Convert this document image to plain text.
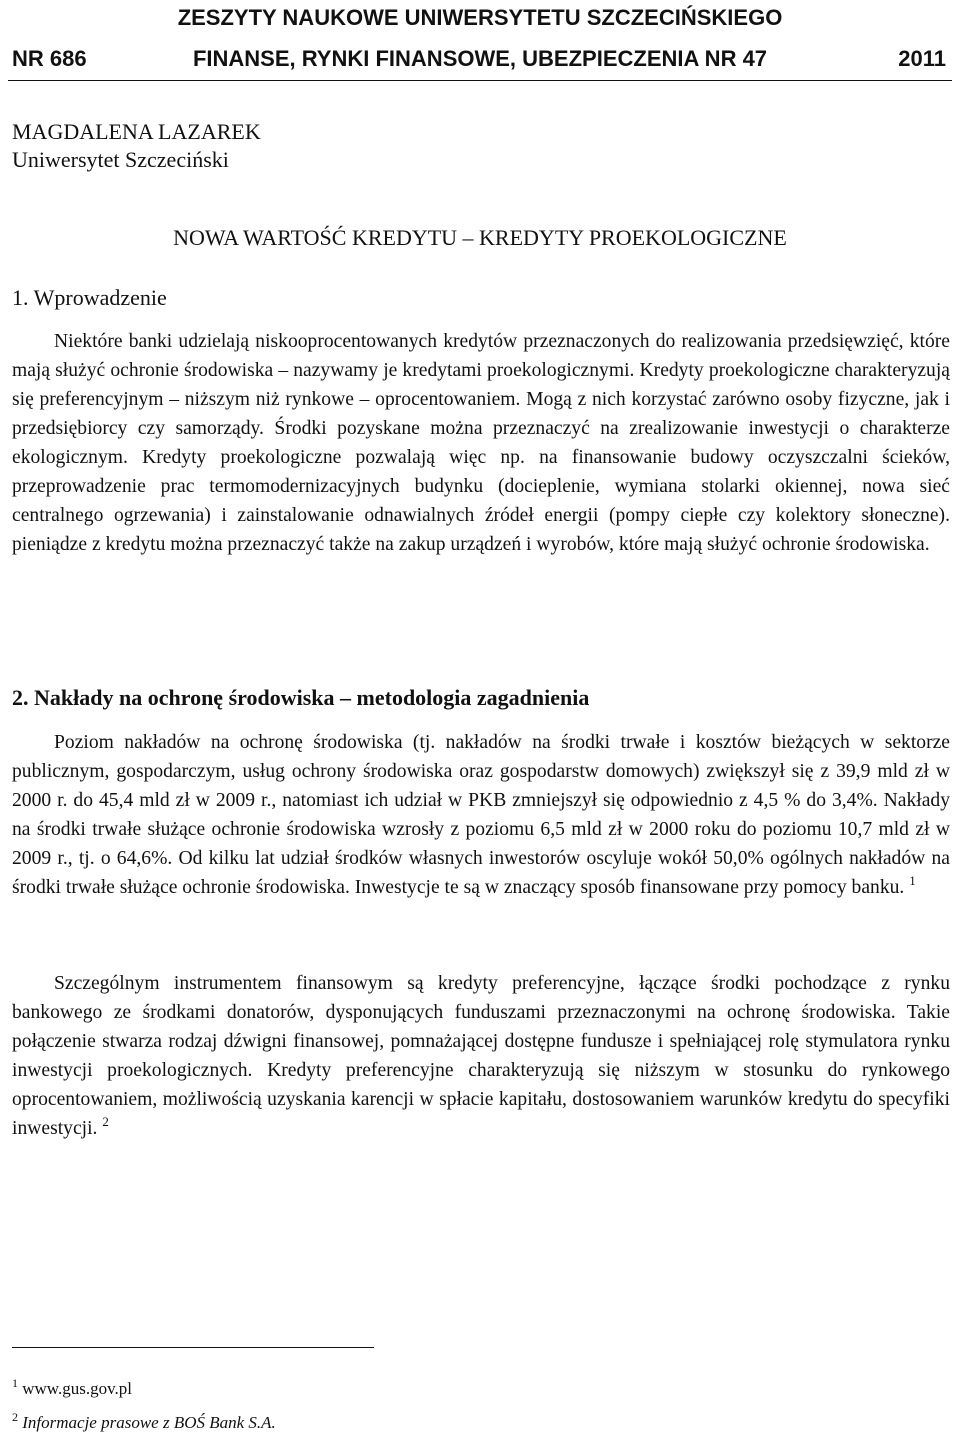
ZESZYTY NAUKOWE UNIWERSYTETU SZCZECIŃSKIEGO
FINANSE, RYNKI FINANSOWE, UBEZPIECZENIA NR 47
NR 686	2011
MAGDALENA LAZAREK
Uniwersytet Szczeciński
NOWA WARTOŚĆ KREDYTU – KREDYTY PROEKOLOGICZNE
1. Wprowadzenie

Niektóre banki udzielają niskooprocentowanych kredytów przeznaczonych do realizowania przedsięwzięć, które mają służyć ochronie środowiska – nazywamy je kredytami proekologicznymi. Kredyty proekologiczne charakteryzują się preferencyjnym – niższym niż rynkowe – oprocentowaniem. Mogą z nich korzystać zarówno osoby fizyczne, jak i przedsiębiorcy czy samorządy. Środki pozyskane można przeznaczyć na zrealizowanie inwestycji o charakterze ekologicznym. Kredyty proekologiczne pozwalają więc np. na finansowanie budowy oczyszczalni ścieków, przeprowadzenie prac termomodernizacyjnych budynku (docieplenie, wymiana stolarki okiennej, nowa sieć centralnego ogrzewania) i zainstalowanie odnawialnych źródeł energii (pompy ciepłe czy kolektory słoneczne). pieniądze z kredytu można przeznaczyć także na zakup urządzeń i wyrobów, które mają służyć ochronie środowiska.

2. Nakłady na ochronę środowiska – metodologia zagadnienia

Poziom nakładów na ochronę środowiska (tj. nakładów na środki trwałe i kosztów bieżących w sektorze publicznym, gospodarczym, usług ochrony środowiska oraz gospodarstw domowych) zwiększył się z 39,9 mld zł w 2000 r. do 45,4 mld zł w 2009 r., natomiast ich udział w PKB zmniejszył się odpowiednio z 4,5 % do 3,4%. Nakłady na środki trwałe służące ochronie środowiska wzrosły z poziomu 6,5 mld zł w 2000 roku do poziomu 10,7 mld zł w 2009 r., tj. o 64,6%. Od kilku lat udział środków własnych inwestorów oscyluje wokół 50,0% ogólnych nakładów na środki trwałe służące ochronie środowiska. Inwestycje te są w znaczący sposób finansowane przy pomocy banku. $^1$

Szczególnym instrumentem finansowym są kredyty preferencyjne, łączące środki pochodzące z rynku bankowego ze środkami donatorów, dysponujących funduszami przeznaczonymi na ochronę środowiska. Takie połączenie stwarza rodzaj dźwigni finansowej, pomnażającej dostępne fundusze i spełniającej rolę stymulatora rynku inwestycji proekologicznych. Kredyty preferencyjne charakteryzują się niższym w stosunku do rynkowego oprocentowaniem, możliwością uzyskania karencji w spłacie kapitału, dostosowaniem warunków kredytu do specyfiki inwestycji. $^2$

$^1$ www.gus.gov.pl
$^2$ Informacje prasowe z BOŚ Bank S.A.
